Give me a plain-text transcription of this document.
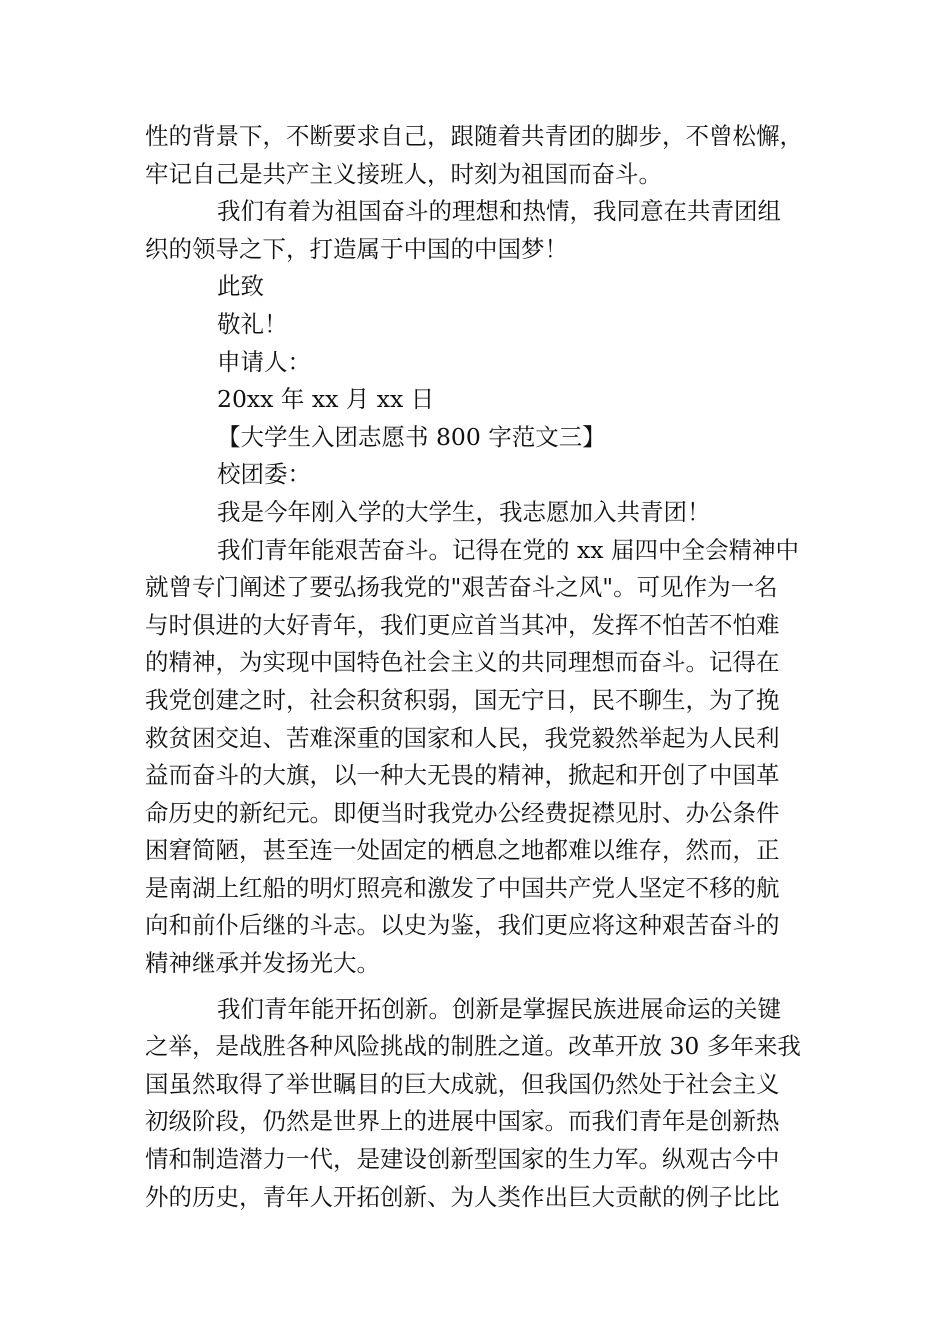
性的背景下，不断要求自己，跟随着共青团的脚步，不曾松懈，
牢记自己是共产主义接班人，时刻为祖国而奋斗。
我们有着为祖国奋斗的理想和热情，我同意在共青团组
织的领导之下，打造属于中国的中国梦！
此致
敬礼！
申请人：
20xx 年 xx 月 xx 日
【大学生入团志愿书 800 字范文三】
校团委：
我是今年刚入学的大学生，我志愿加入共青团！
我们青年能艰苦奋斗。记得在党的 xx 届四中全会精神中
就曾专门阐述了要弘扬我党的"艰苦奋斗之风"。可见作为一名
与时俱进的大好青年，我们更应首当其冲，发挥不怕苦不怕难
的精神，为实现中国特色社会主义的共同理想而奋斗。记得在
我党创建之时，社会积贫积弱，国无宁日，民不聊生，为了挽
救贫困交迫、苦难深重的国家和人民，我党毅然举起为人民利
益而奋斗的大旗，以一种大无畏的精神，掀起和开创了中国革
命历史的新纪元。即便当时我党办公经费捉襟见肘、办公条件
困窘简陋，甚至连一处固定的栖息之地都难以维存，然而，正
是南湖上红船的明灯照亮和激发了中国共产党人坚定不移的航
向和前仆后继的斗志。以史为鉴，我们更应将这种艰苦奋斗的
精神继承并发扬光大。
我们青年能开拓创新。创新是掌握民族进展命运的关键
之举，是战胜各种风险挑战的制胜之道。改革开放 30 多年来我
国虽然取得了举世瞩目的巨大成就，但我国仍然处于社会主义
初级阶段，仍然是世界上的进展中国家。而我们青年是创新热
情和制造潜力一代，是建设创新型国家的生力军。纵观古今中
外的历史，青年人开拓创新、为人类作出巨大贡献的例子比比
